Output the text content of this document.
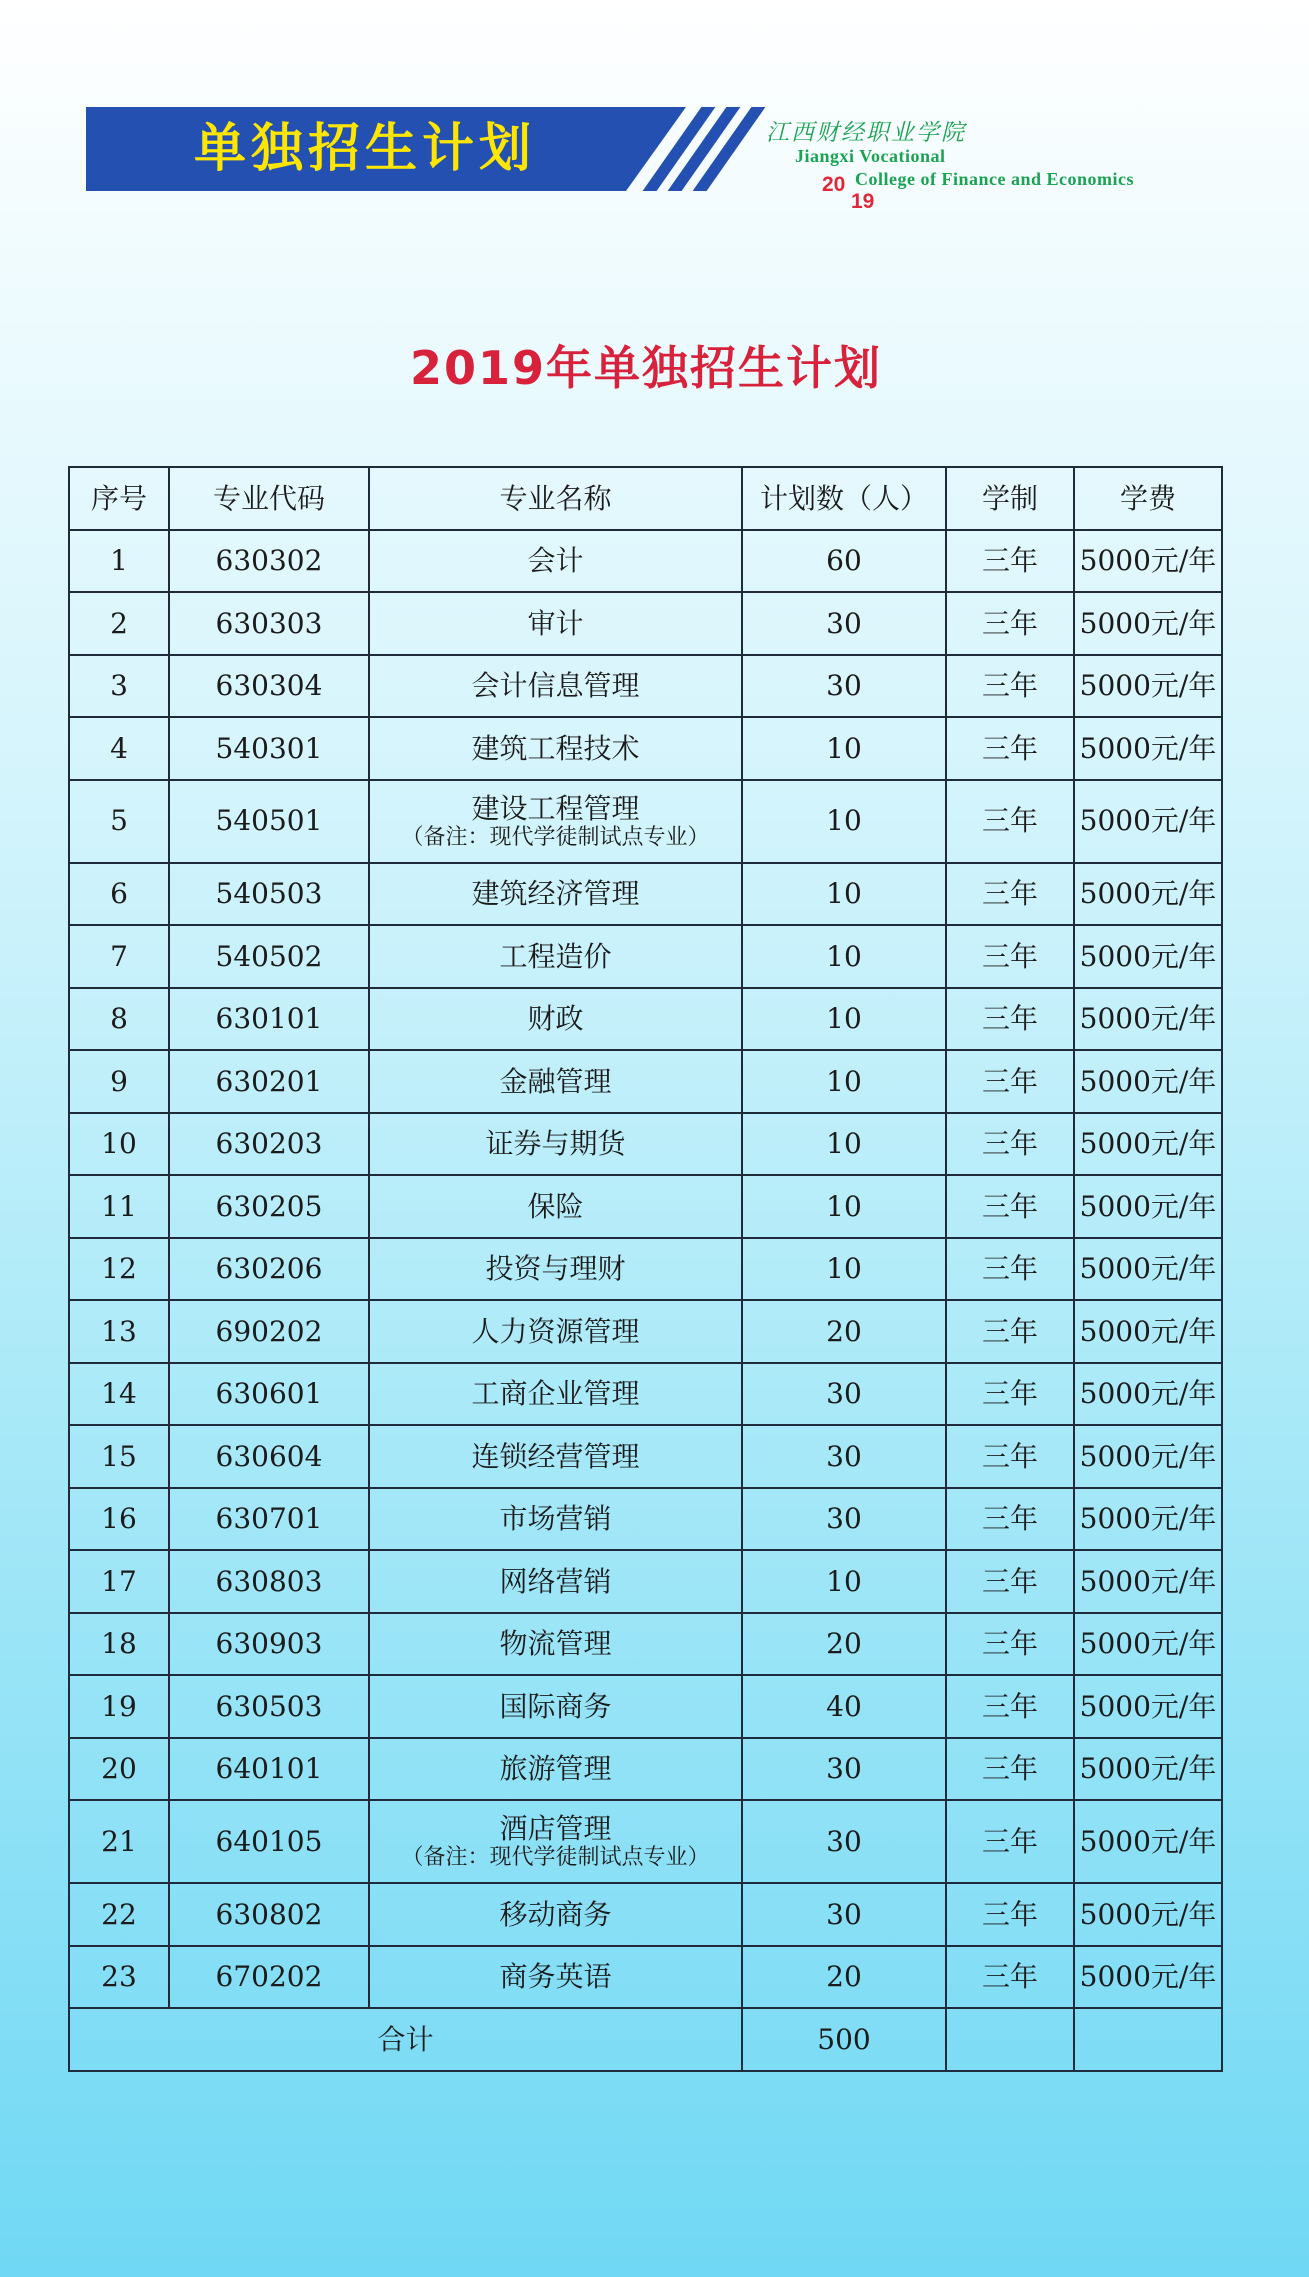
单独招生计划	江西财经职业学院
Jiangxi Vocational
20 College of Finance and Economics
19
2019年单独招生计划
序号	专业代码	专业名称	计划数（人）	学制	学费
1	630302	会计	60	三年	5000元/年
2	630303	审计	30	三年	5000元/年
3	630304	会计信息管理	30	三年	5000元/年
4	540301	建筑工程技术	10	三年	5000元/年
5	540501	建设工程管理
（备注：现代学徒制试点专业）	10	三年	5000元/年
6	540503	建筑经济管理	10	三年	5000元/年
7	540502	工程造价	10	三年	5000元/年
8	630101	财政	10	三年	5000元/年
9	630201	金融管理	10	三年	5000元/年
10	630203	证券与期货	10	三年	5000元/年
11	630205	保险	10	三年	5000元/年
12	630206	投资与理财	10	三年	5000元/年
13	690202	人力资源管理	20	三年	5000元/年
14	630601	工商企业管理	30	三年	5000元/年
15	630604	连锁经营管理	30	三年	5000元/年
16	630701	市场营销	30	三年	5000元/年
17	630803	网络营销	10	三年	5000元/年
18	630903	物流管理	20	三年	5000元/年
19	630503	国际商务	40	三年	5000元/年
20	640101	旅游管理	30	三年	5000元/年
21	640105	酒店管理
（备注：现代学徒制试点专业）	30	三年	5000元/年
22	630802	移动商务	30	三年	5000元/年
23	670202	商务英语	20	三年	5000元/年
合计			500		
